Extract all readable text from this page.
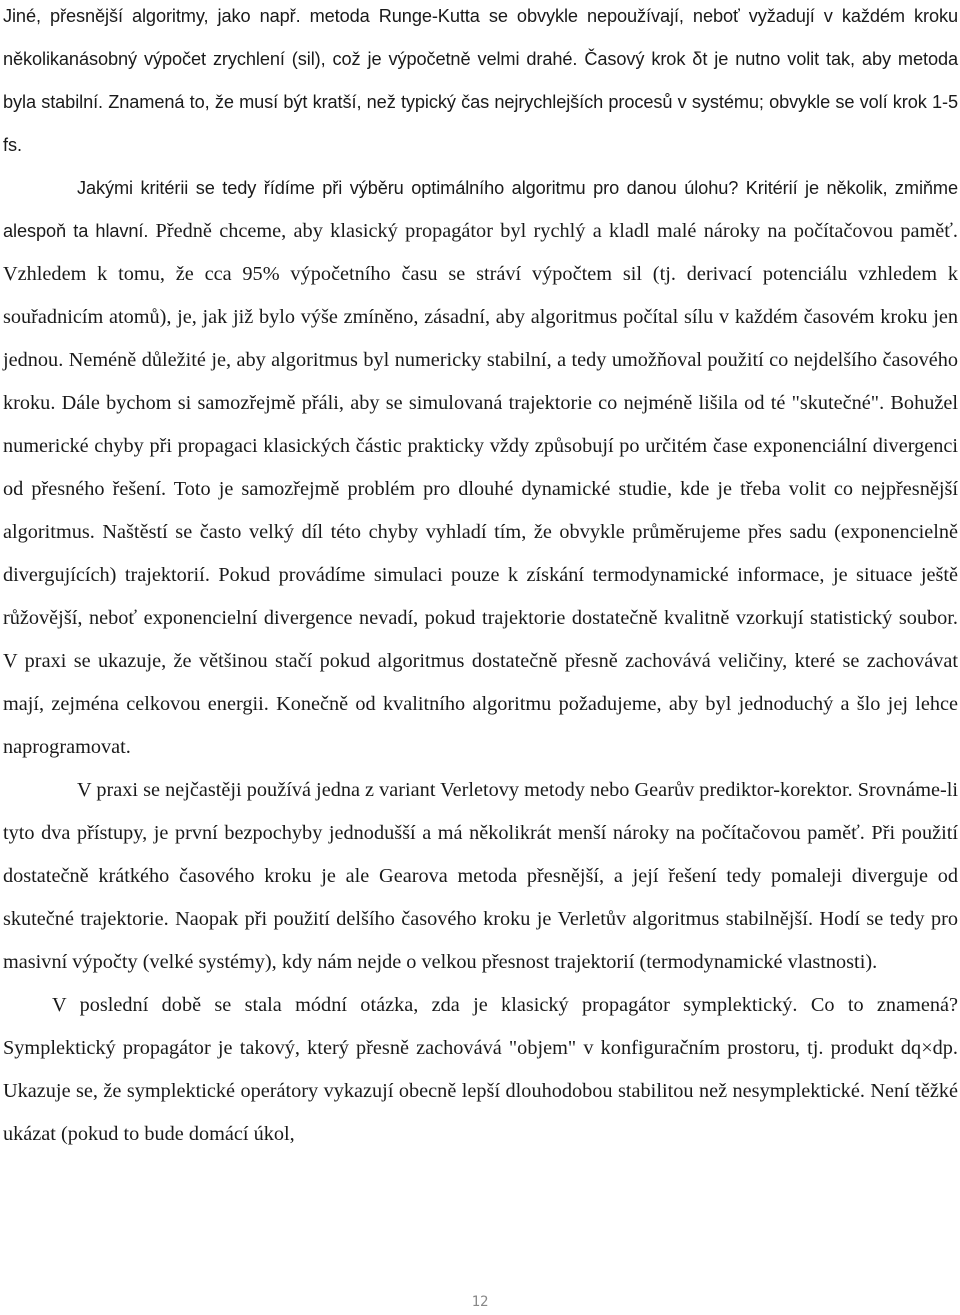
Jiné, přesnější algoritmy, jako např. metoda Runge-Kutta se obvykle nepoužívají, neboť vyžadují v každém kroku několikanásobný výpočet zrychlení (sil), což je výpočetně velmi drahé. Časový krok δt je nutno volit tak, aby metoda byla stabilní. Znamená to, že musí být kratší, než typický čas nejrychlejších procesů v systému; obvykle se volí krok 1-5 fs.

Jakými kritérii se tedy řídíme při výběru optimálního algoritmu pro danou úlohu? Kritérií je několik, zmiňme alespoň ta hlavní. Předně chceme, aby klasický propagátor byl rychlý a kladl malé nároky na počítačovou paměť. Vzhledem k tomu, že cca 95% výpočetního času se stráví výpočtem sil (tj. derivací potenciálu vzhledem k souřadnicím atomů), je, jak již bylo výše zmíněno, zásadní, aby algoritmus počítal sílu v každém časovém kroku jen jednou. Neméně důležité je, aby algoritmus byl numericky stabilní, a tedy umožňoval použití co nejdelšího časového kroku. Dále bychom si samozřejmě přáli, aby se simulovaná trajektorie co nejméně lišila od té "skutečné". Bohužel numerické chyby při propagaci klasických částic prakticky vždy způsobují po určitém čase exponenciální divergenci od přesného řešení. Toto je samozřejmě problém pro dlouhé dynamické studie, kde je třeba volit co nejpřesnější algoritmus. Naštěstí se často velký díl této chyby vyhladí tím, že obvykle průměrujeme přes sadu (exponencielně divergujících) trajektorií. Pokud provádíme simulaci pouze k získání termodynamické informace, je situace ještě růžovější, neboť exponencielní divergence nevadí, pokud trajektorie dostatečně kvalitně vzorkují statistický soubor. V praxi se ukazuje, že většinou stačí pokud algoritmus dostatečně přesně zachovává veličiny, které se zachovávat mají, zejména celkovou energii. Konečně od kvalitního algoritmu požadujeme, aby byl jednoduchý a šlo jej lehce naprogramovat.

V praxi se nejčastěji používá jedna z variant Verletovy metody nebo Gearův prediktor-korektor. Srovnáme-li tyto dva přístupy, je první bezpochyby jednodušší a má několikrát menší nároky na počítačovou paměť. Při použití dostatečně krátkého časového kroku je ale Gearova metoda přesnější, a její řešení tedy pomaleji diverguje od skutečné trajektorie. Naopak při použití delšího časového kroku je Verletův algoritmus stabilnější. Hodí se tedy pro masivní výpočty (velké systémy), kdy nám nejde o velkou přesnost trajektorií (termodynamické vlastnosti).

V poslední době se stala módní otázka, zda je klasický propagátor symplektický. Co to znamená? Symplektický propagátor je takový, který přesně zachovává "objem" v konfiguračním prostoru, tj. produkt dq×dp. Ukazuje se, že symplektické operátory vykazují obecně lepší dlouhodobou stabilitou než nesymplektické. Není těžké ukázat (pokud to bude domácí úkol,

12
